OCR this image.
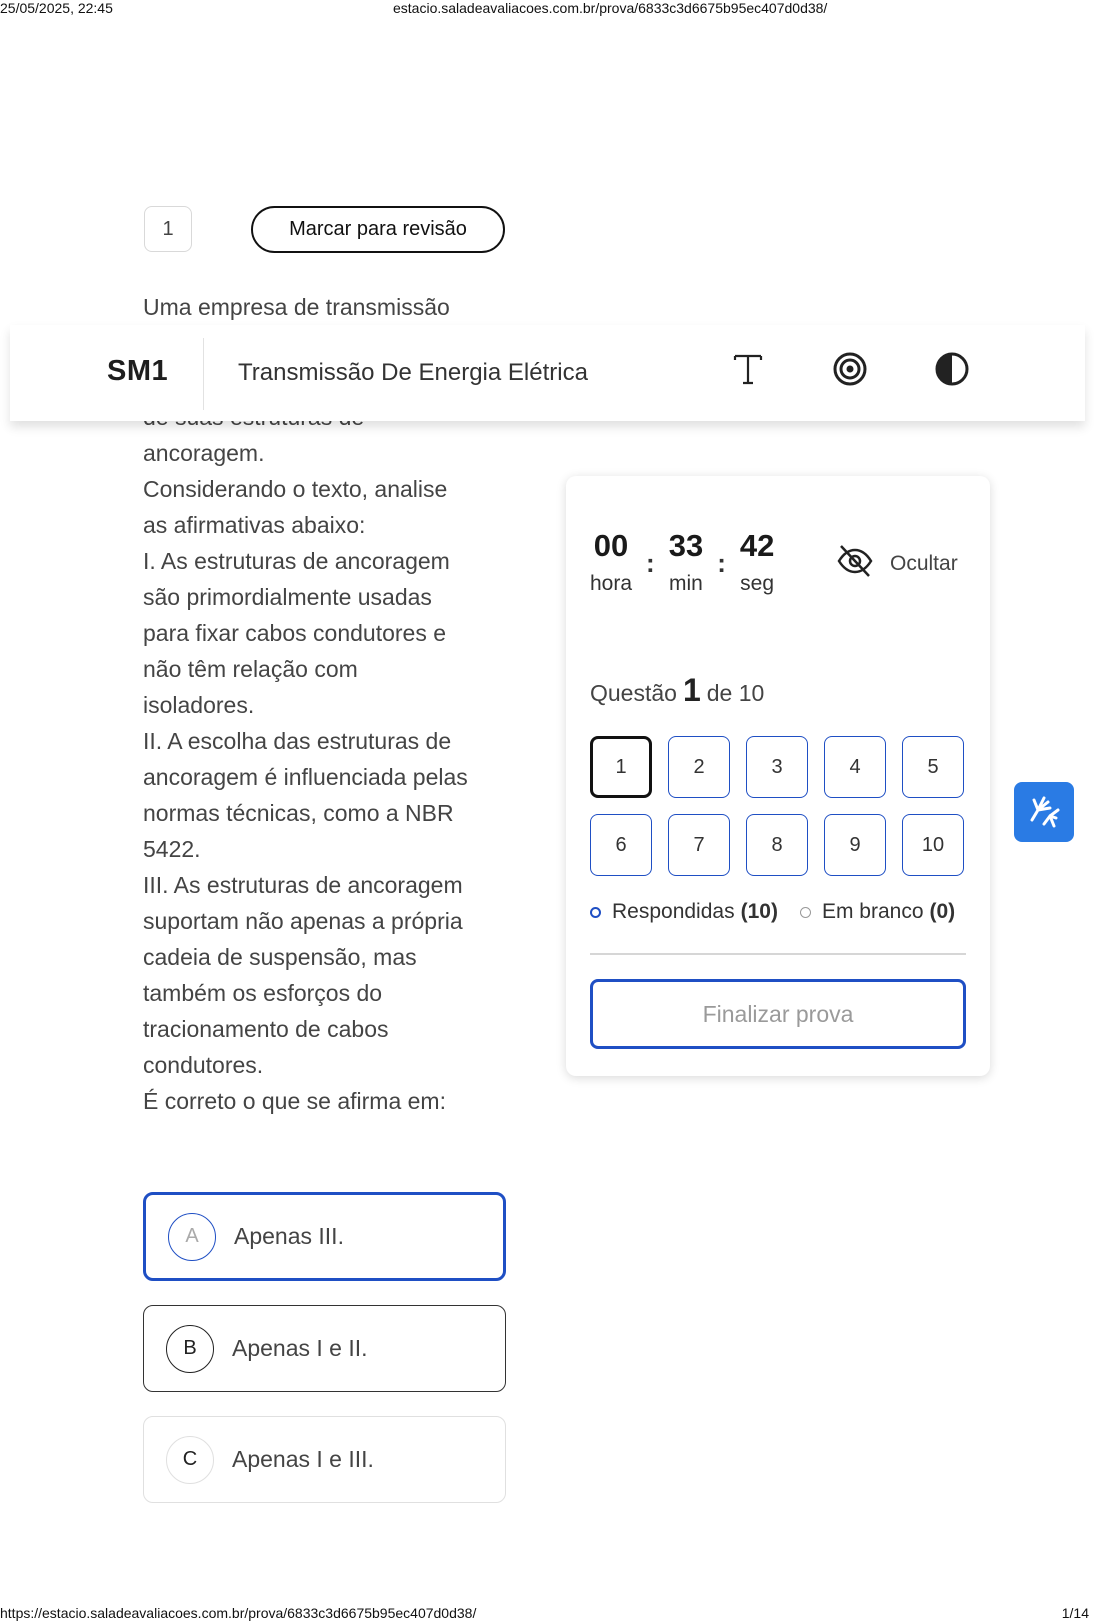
25/05/2025, 22:45	estacio.saladeavaliacoes.com.br/prova/6833c3d6675b95ec407d0d38/
1	Marcar para revisão
Uma empresa de transmissão

ancoragem.

Considerando o texto, analise

as afirmativas abaixo:

I. As estruturas de ancoragem

são primordialmente usadas

para fixar cabos condutores e

não têm relação com

isoladores.

II. A escolha das estruturas de

ancoragem é influenciada pelas

normas técnicas, como a NBR

5422.

III. As estruturas de ancoragem

suportam não apenas a própria

cadeia de suspensão, mas

também os esforços do

tracionamento de cabos

condutores.

É correto o que se afirma em:

SM1	Transmissão De Energia Elétrica
00
hora
: 33
min
: 42
seg
Ocultar
Questão 1 de 10
1	2	3	4	5
6	7	8	9	10
Respondidas (10) Em branco (0)
Finalizar prova
A	Apenas III.
B	Apenas I e II.
C	Apenas I e III.
https://estacio.saladeavaliacoes.com.br/prova/6833c3d6675b95ec407d0d38/	1/14
